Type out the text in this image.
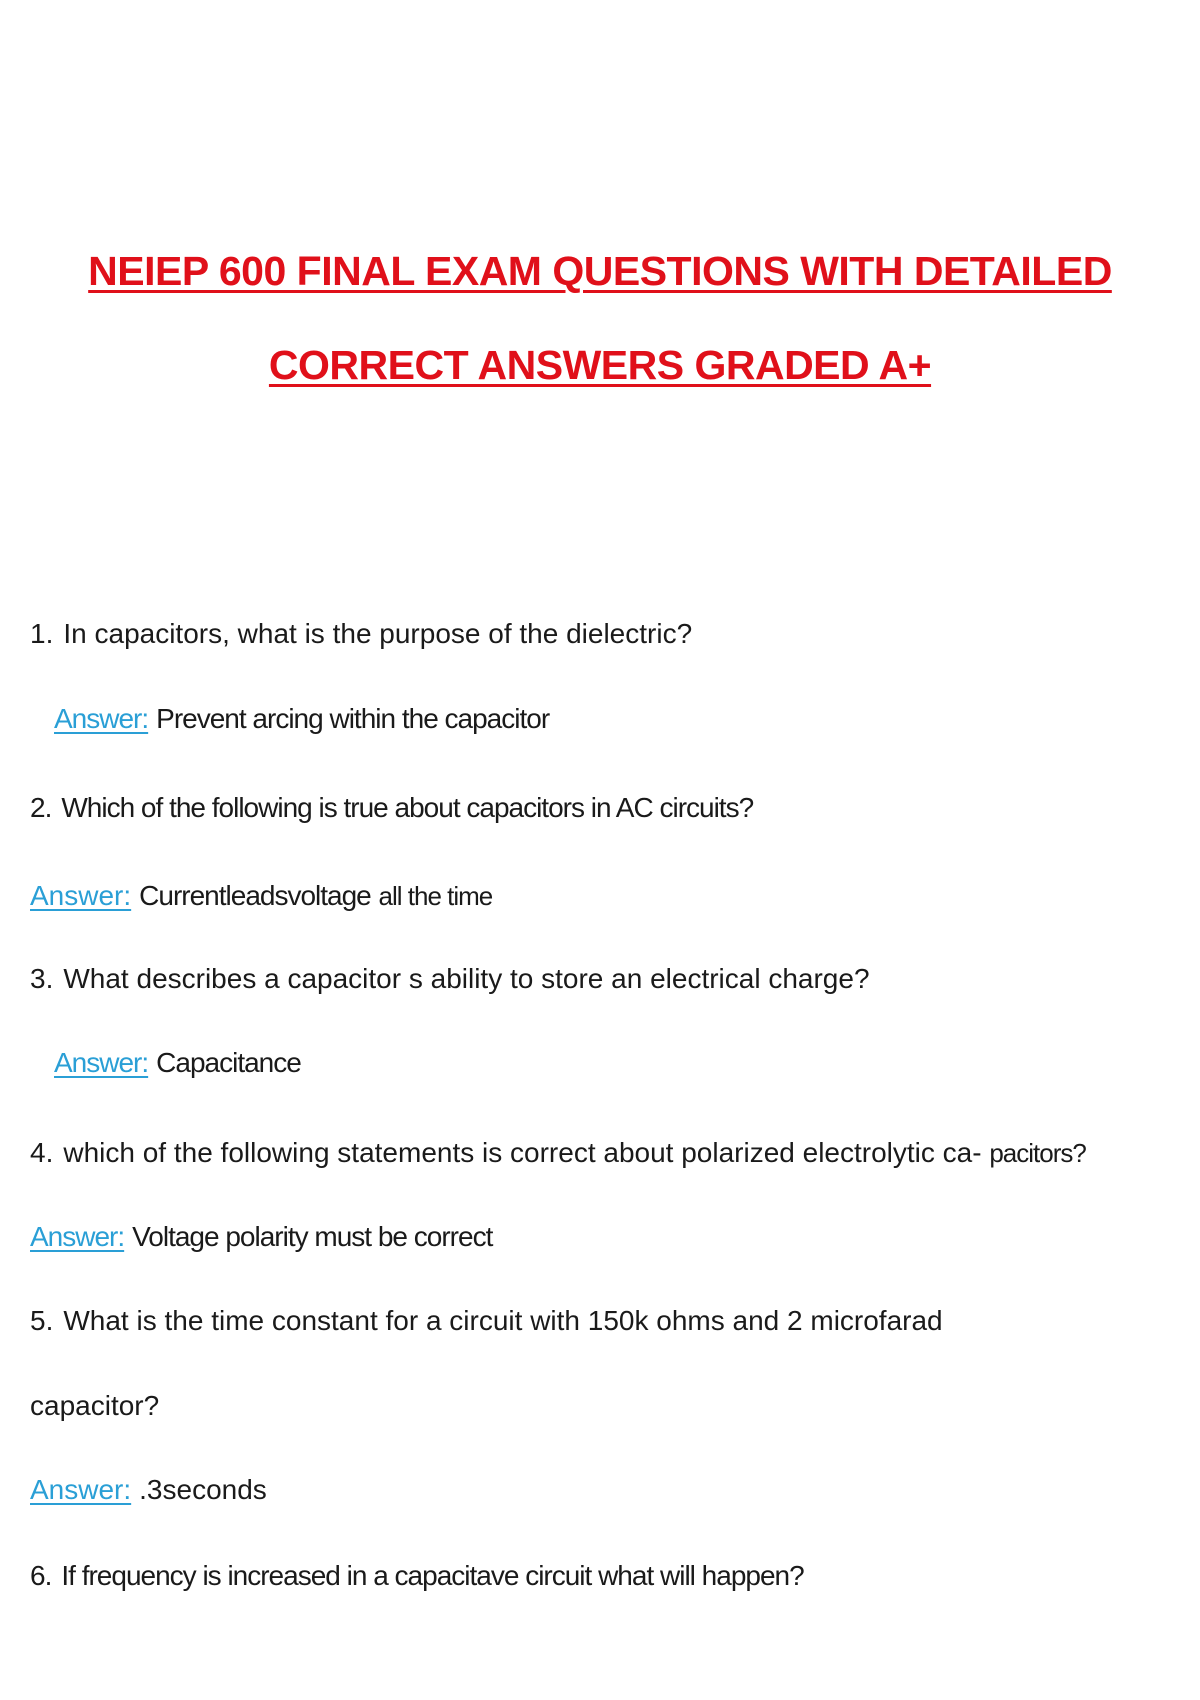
NEIEP 600 FINAL EXAM QUESTIONS WITH DETAILED
CORRECT ANSWERS GRADED A+
1. In capacitors, what is the purpose of the dielectric?
Answer: Prevent arcing within the capacitor
2. Which of the following is true about capacitors in AC circuits?
Answer: Currentleadsvoltage all the time
3. What describes a capacitor s ability to store an electrical charge?
Answer: Capacitance
4. which of the following statements is correct about polarized electrolytic ca- pacitors?
Answer: Voltage polarity must be correct
5. What is the time constant for a circuit with 150k ohms and 2 microfarad
capacitor?
Answer: .3seconds
6. If frequency is increased in a capacitave circuit what will happen?
